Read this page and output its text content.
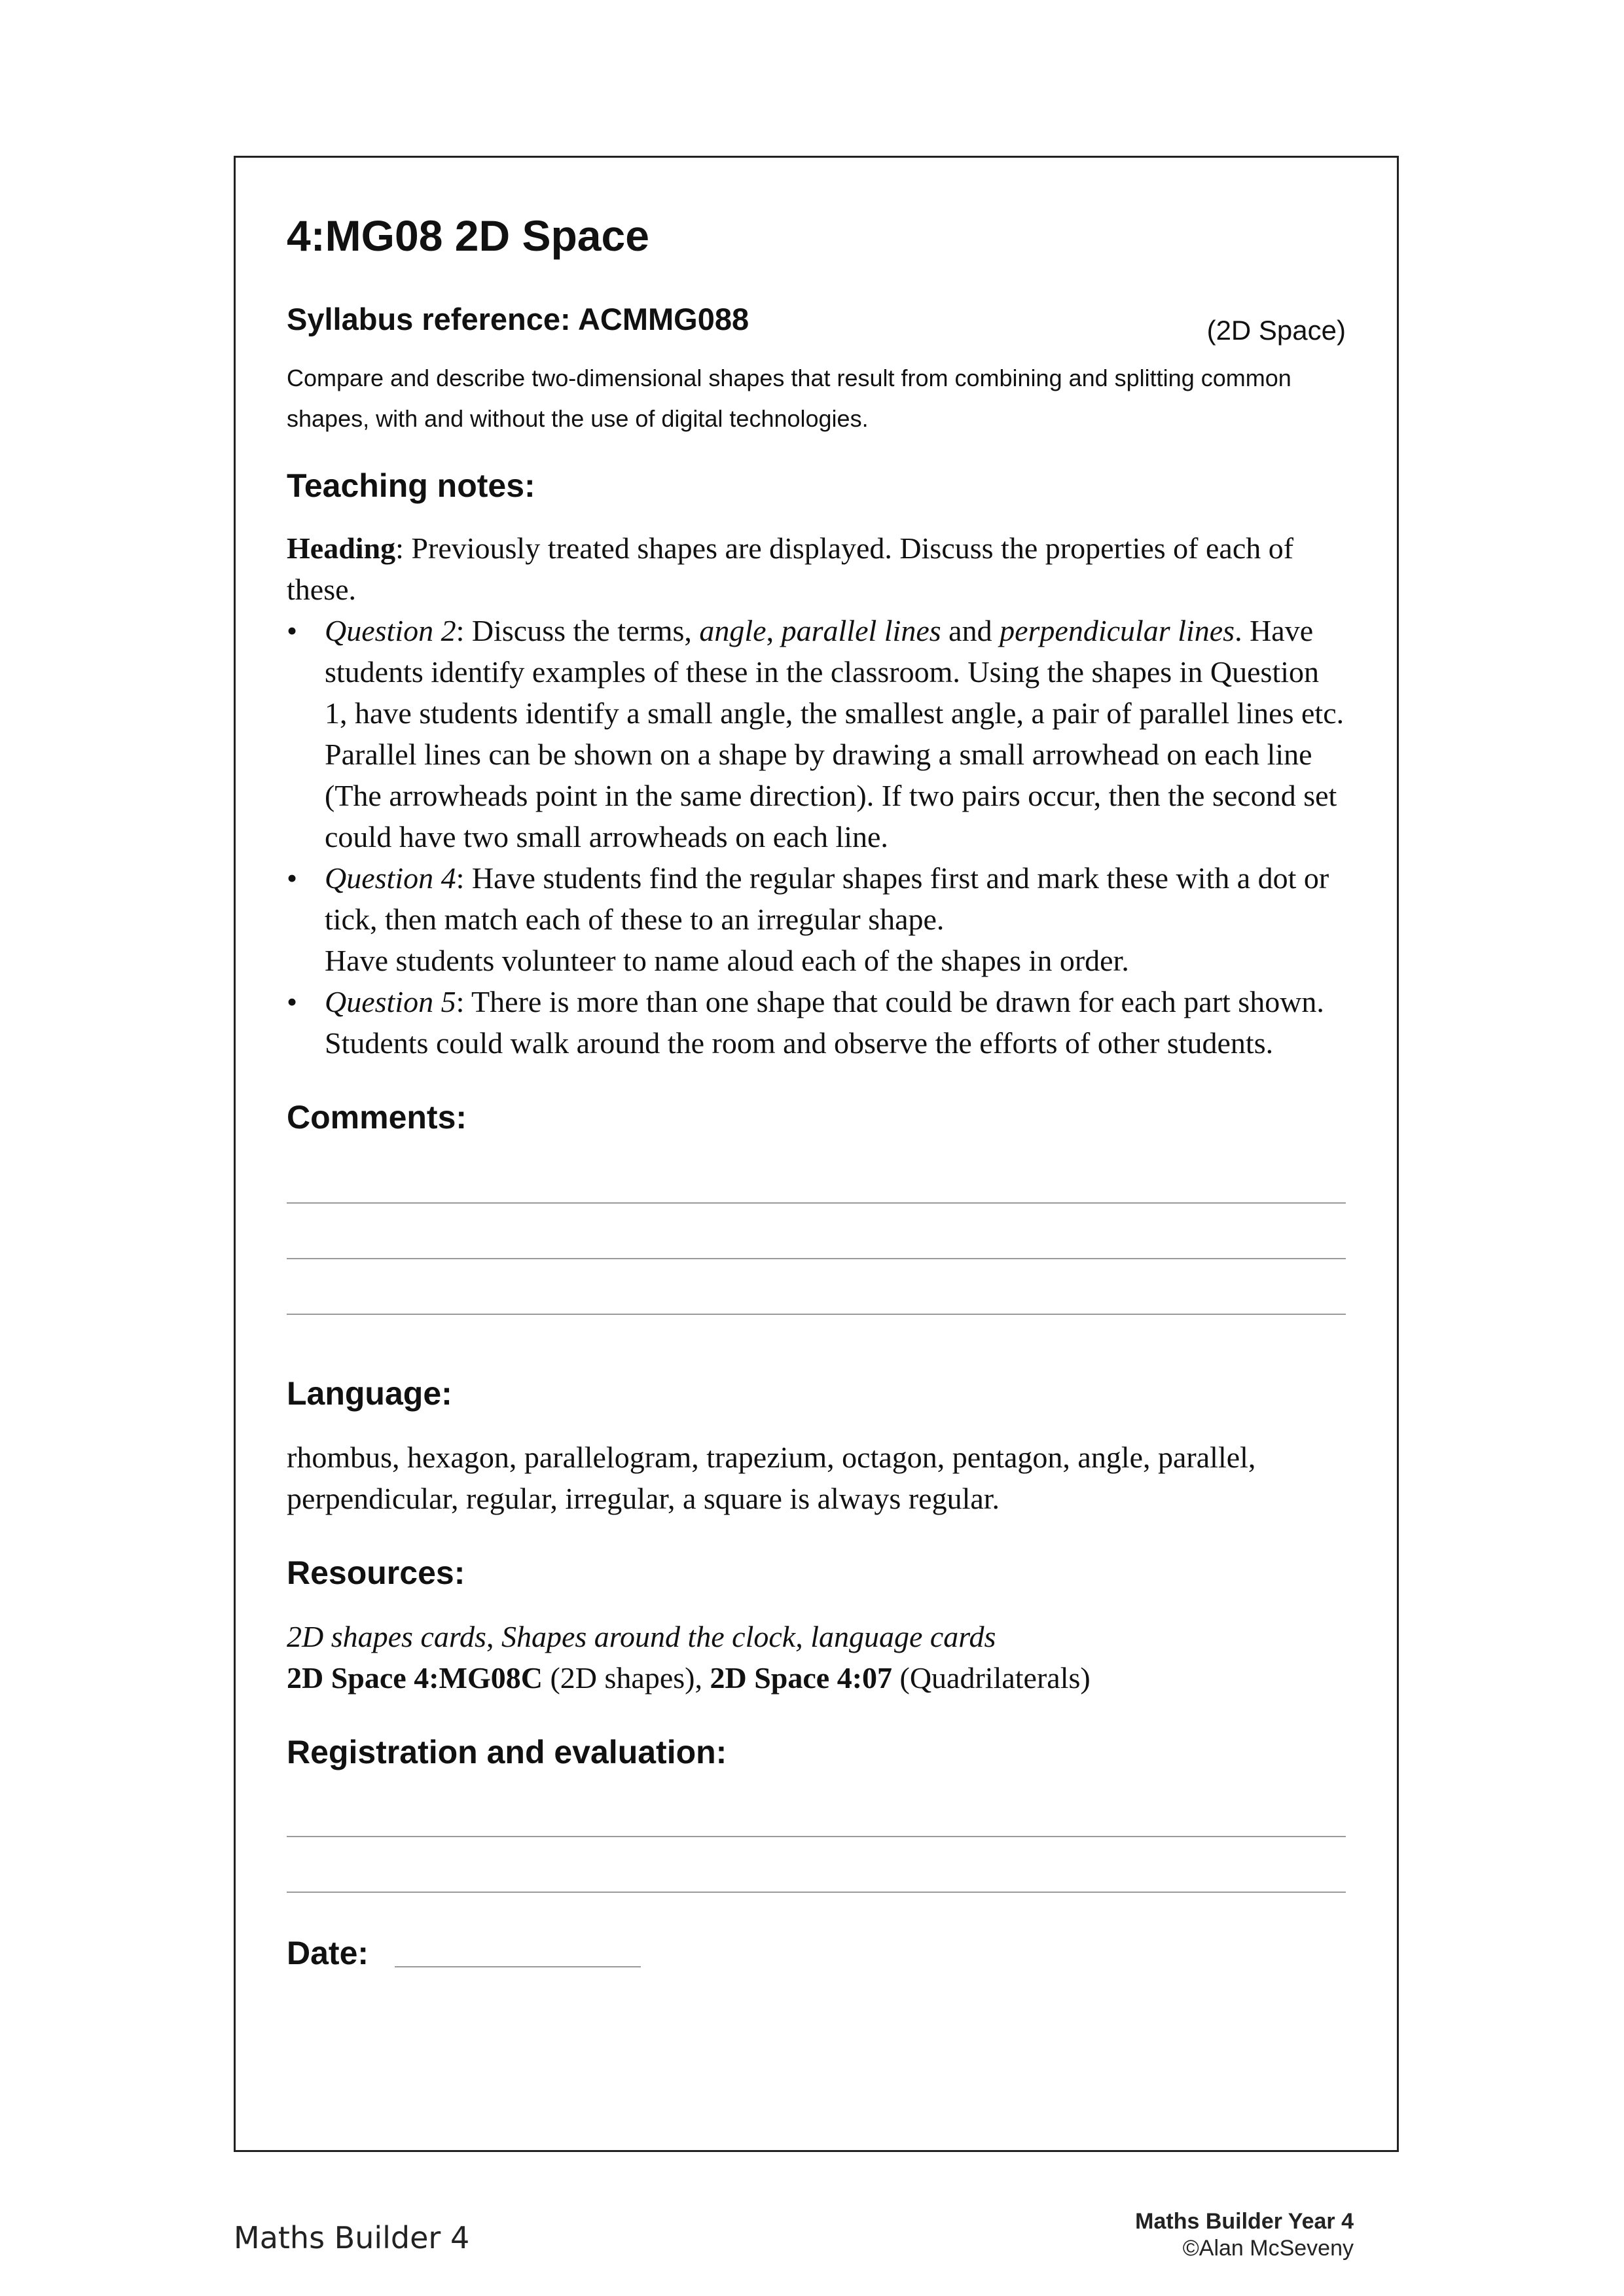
4:MG08 2D Space
(2D Space)
Syllabus reference: ACMMG088

Compare and describe two-dimensional shapes that result from combining and splitting common shapes, with and without the use of digital technologies.

Teaching notes:

Heading: Previously treated shapes are displayed. Discuss the properties of each of these.

• Question 2: Discuss the terms, angle, parallel lines and perpendicular lines. Have students identify examples of these in the classroom. Using the shapes in Question 1, have students identify a small angle, the smallest angle, a pair of parallel lines etc. Parallel lines can be shown on a shape by drawing a small arrowhead on each line (The arrowheads point in the same direction). If two pairs occur, then the second set could have two small arrowheads on each line.
• Question 4: Have students find the regular shapes first and mark these with a dot or tick, then match each of these to an irregular shape.
Have students volunteer to name aloud each of the shapes in order.
• Question 5: There is more than one shape that could be drawn for each part shown. Students could walk around the room and observe the efforts of other students.
Comments:
Language:

rhombus, hexagon, parallelogram, trapezium, octagon, pentagon, angle, parallel, perpendicular, regular, irregular, a square is always regular.

Resources:

2D shapes cards, Shapes around the clock, language cards
2D Space 4:MG08C (2D shapes), 2D Space 4:07 (Quadrilaterals)

Registration and evaluation:
Date:
Maths Builder 4	Maths Builder Year 4
©Alan McSeveny
